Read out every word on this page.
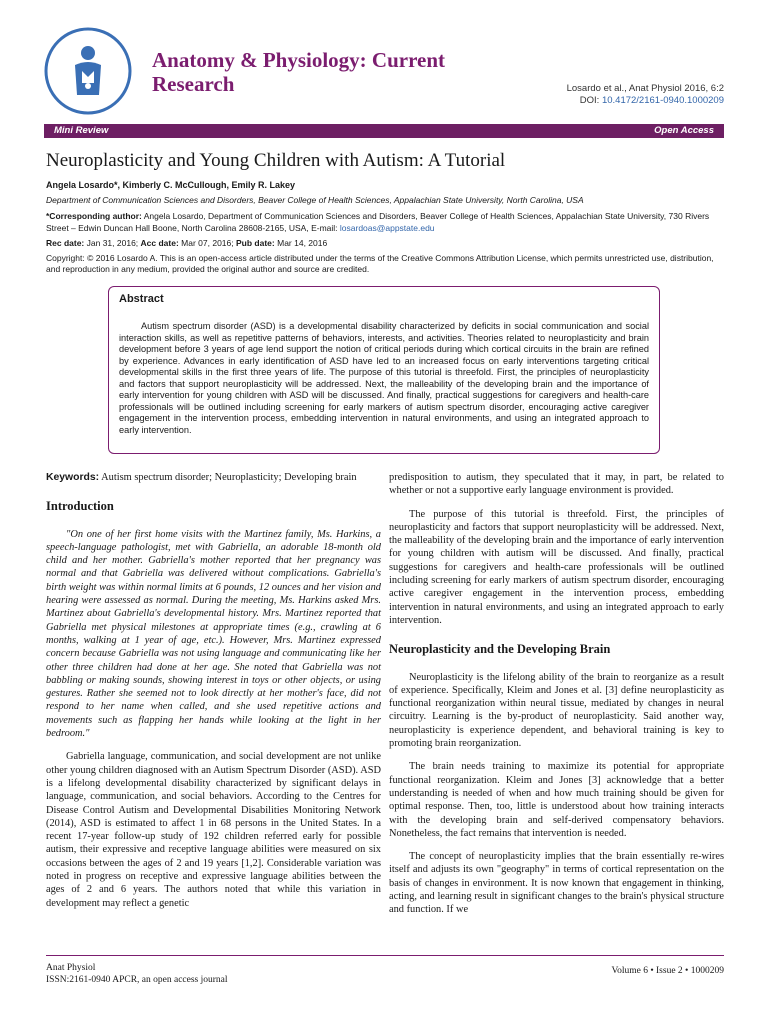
Anatomy & Physiology: Current Research	Losardo et al., Anat Physiol 2016, 6:2
DOI: 10.4172/2161-0940.1000209
Mini Review	Open Access
Neuroplasticity and Young Children with Autism: A Tutorial
Angela Losardo*, Kimberly C. McCullough, Emily R. Lakey
Department of Communication Sciences and Disorders, Beaver College of Health Sciences, Appalachian State University, North Carolina, USA
*Corresponding author: Angela Losardo, Department of Communication Sciences and Disorders, Beaver College of Health Sciences, Appalachian State University, 730 Rivers Street – Edwin Duncan Hall Boone, North Carolina 28608-2165, USA, E-mail: losardoas@appstate.edu
Rec date: Jan 31, 2016; Acc date: Mar 07, 2016; Pub date: Mar 14, 2016
Copyright: © 2016 Losardo A. This is an open-access article distributed under the terms of the Creative Commons Attribution License, which permits unrestricted use, distribution, and reproduction in any medium, provided the original author and source are credited.
Abstract
Autism spectrum disorder (ASD) is a developmental disability characterized by deficits in social communication and social interaction skills, as well as repetitive patterns of behaviors, interests, and activities. Theories related to neuroplasticity and brain development before 3 years of age lend support the notion of critical periods during which cortical circuits in the brain are refined by experience. Advances in early identification of ASD have led to an increased focus on early interventions targeting critical developmental skills in the first three years of life. The purpose of this tutorial is threefold. First, the principles of neuroplasticity and factors that support neuroplasticity will be addressed. Next, the malleability of the developing brain and the importance of early intervention for young children with ASD will be discussed. And finally, practical suggestions for caregivers and health-care professionals will be outlined including screening for early markers of autism spectrum disorder, encouraging active caregiver engagement in the intervention process, embedding intervention in natural environments, and using an integrated approach to early intervention.

Keywords: Autism spectrum disorder; Neuroplasticity; Developing brain

Introduction

"On one of her first home visits with the Martinez family, Ms. Harkins, a speech-language pathologist, met with Gabriella, an adorable 18-month old child and her mother. Gabriella's mother reported that her pregnancy was normal and that Gabriella was delivered without complications. Gabriella's birth weight was within normal limits at 6 pounds, 12 ounces and her vision and hearing were assessed as normal. During the meeting, Ms. Harkins asked Mrs. Martinez about Gabriella's developmental history. Mrs. Martinez reported that Gabriella met physical milestones at appropriate times (e.g., crawling at 6 months, walking at 1 year of age, etc.). However, Mrs. Martinez expressed concern because Gabriella was not using language and communicating like her other three children had done at her age. She noted that Gabriella was not babbling or making sounds, showing interest in toys or other objects, or using gestures. Rather she seemed not to look directly at her mother's face, did not respond to her name when called, and she used repetitive actions and movements such as flapping her hands while looking at the light in her bedroom."

Gabriella language, communication, and social development are not unlike other young children diagnosed with an Autism Spectrum Disorder (ASD). ASD is a lifelong developmental disability characterized by significant delays in language, communication, and social behaviors. According to the Centres for Disease Control Autism and Developmental Disabilities Monitoring Network (2014), ASD is estimated to affect 1 in 68 persons in the United States. In a recent 17-year follow-up study of 192 children referred early for possible autism, their expressive and receptive language abilities were measured on six occasions between the ages of 2 and 19 years [1,2]. Considerable variation was noted in progress on receptive and expressive language abilities between the ages of 2 and 6 years. The authors noted that while this variation in development may reflect a genetic

predisposition to autism, they speculated that it may, in part, be related to whether or not a supportive early language environment is provided.

The purpose of this tutorial is threefold. First, the principles of neuroplasticity and factors that support neuroplasticity will be addressed. Next, the malleability of the developing brain and the importance of early intervention for young children with autism will be discussed. And finally, practical suggestions for caregivers and health-care professionals will be outlined including screening for early markers of autism spectrum disorder, encouraging active caregiver engagement in the intervention process, embedding intervention in natural environments, and using an integrated approach to early intervention.

Neuroplasticity and the Developing Brain

Neuroplasticity is the lifelong ability of the brain to reorganize as a result of experience. Specifically, Kleim and Jones et al. [3] define neuroplasticity as functional reorganization within neural tissue, mediated by changes in neural circuitry. Learning is the by-product of neuroplasticity. Said another way, neuroplasticity is experience dependent, and behavioral training is key to promoting brain reorganization.

The brain needs training to maximize its potential for appropriate functional reorganization. Kleim and Jones [3] acknowledge that a better understanding is needed of when and how much training should be given for optimal response. Then, too, little is understood about how training interacts with the developing brain and self-derived compensatory behaviors. Nonetheless, the fact remains that intervention is needed.

The concept of neuroplasticity implies that the brain essentially re-wires itself and adjusts its own "geography" in terms of cortical representation on the basis of changes in environment. It is now known that engagement in thinking, acting, and learning result in significant changes to the brain's physical structure and function. If we

Anat Physiol
ISSN:2161-0940 APCR, an open access journal
Volume 6 • Issue 2 • 1000209
